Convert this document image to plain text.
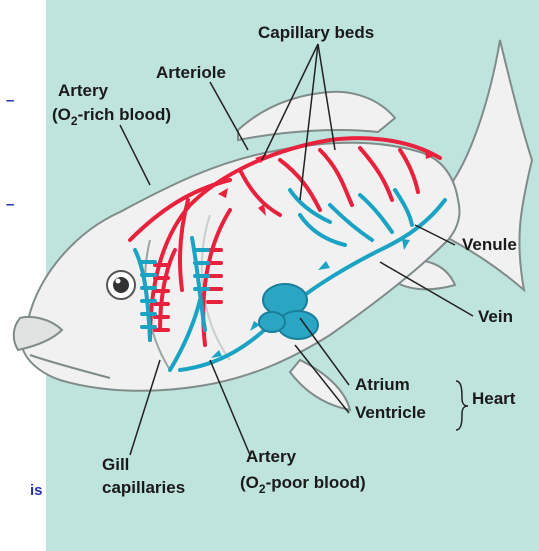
–
–
is
Capillary beds
Arteriole
Artery
($O_2$-rich blood)
Venule
Vein
Atrium
Ventricle
Heart
Gill
capillaries
Artery
($O_2$-poor blood)
